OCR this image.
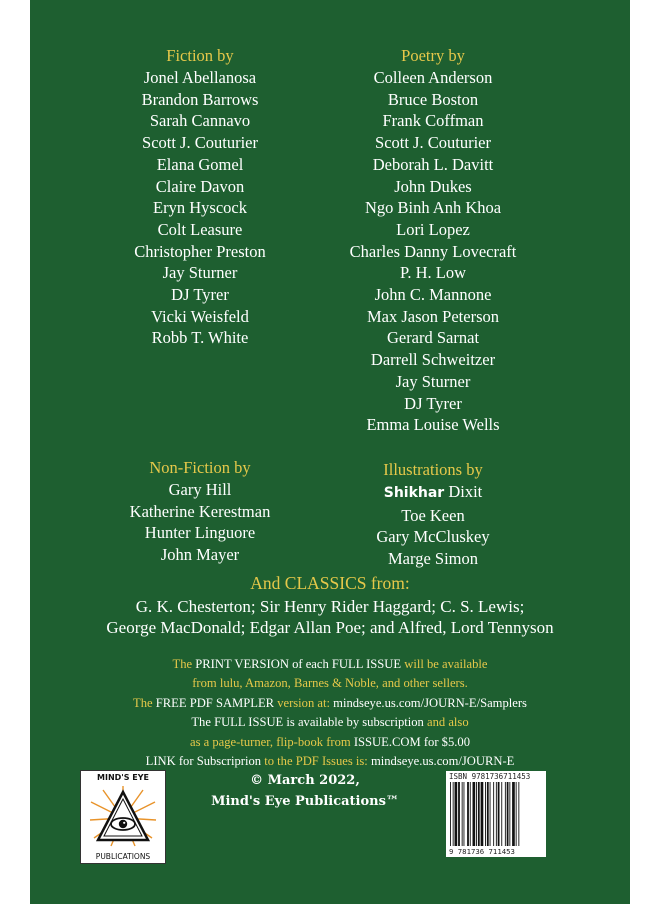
Fiction by
Jonel Abellanosa
Brandon Barrows
Sarah Cannavo
Scott J. Couturier
Elana Gomel
Claire Davon
Eryn Hyscock
Colt Leasure
Christopher Preston
Jay Sturner
DJ Tyrer
Vicki Weisfeld
Robb T. White
Poetry by
Colleen Anderson
Bruce Boston
Frank Coffman
Scott J. Couturier
Deborah L. Davitt
John Dukes
Ngo Binh Anh Khoa
Lori Lopez
Charles Danny Lovecraft
P. H. Low
John C. Mannone
Max Jason Peterson
Gerard Sarnat
Darrell Schweitzer
Jay Sturner
DJ Tyrer
Emma Louise Wells
Non-Fiction by
Gary Hill
Katherine Kerestman
Hunter Linguore
John Mayer
Illustrations by
Shikhar Dixit
Toe Keen
Gary McCluskey
Marge Simon
And CLASSICS from:
G. K. Chesterton; Sir Henry Rider Haggard; C. S. Lewis;
George MacDonald; Edgar Allan Poe; and Alfred, Lord Tennyson
The PRINT VERSION of each FULL ISSUE will be available
from lulu, Amazon, Barnes & Noble, and other sellers.
The FREE PDF SAMPLER version at: mindseye.us.com/JOURN-E/Samplers
The FULL ISSUE is available by subscription and also
as a page-turner, flip-book from ISSUE.COM for $5.00
LINK for Subscriprion to the PDF Issues is: mindseye.us.com/JOURN-E
MIND'S EYE
PUBLICATIONS
© March 2022,
Mind's Eye Publications™
ISBN 9781736711453
9 781736 711453
